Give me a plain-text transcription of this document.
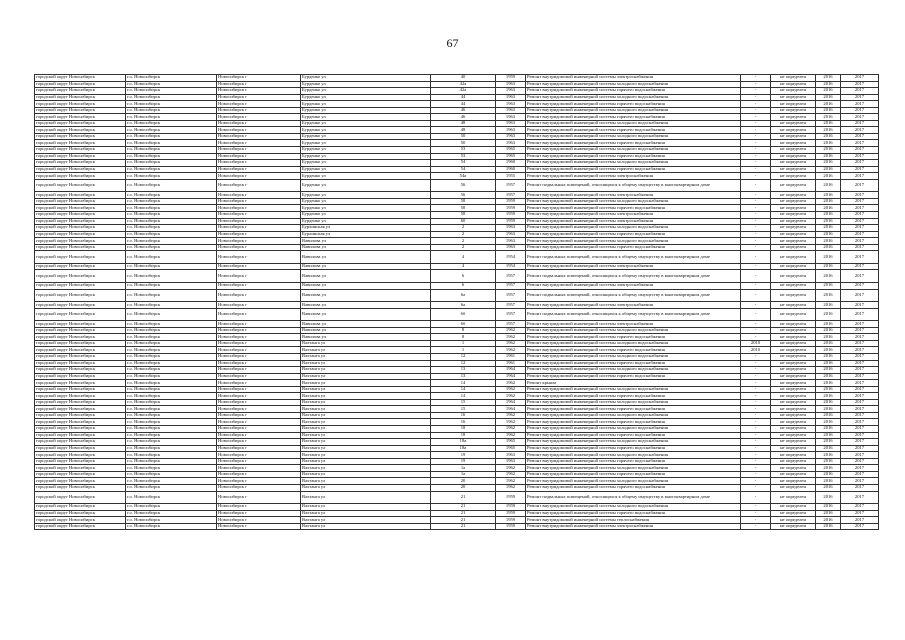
67
городской округ Новосибирск	г.о. Новосибирск	Новосибирск г	Бурденко ул	40	1959	Ремонт внутридомовой инженерной системы электроснабжения	-	не определен	2016	2017
городской округ Новосибирск	г.о. Новосибирск	Новосибирск г	Бурденко ул	42а	1963	Ремонт внутридомовой инженерной системы холодного водоснабжения	-	не определен	2016	2017
городской округ Новосибирск	г.о. Новосибирск	Новосибирск г	Бурденко ул	42а	1963	Ремонт внутридомовой инженерной системы горячего водоснабжения	-	не определен	2016	2017
городской округ Новосибирск	г.о. Новосибирск	Новосибирск г	Бурденко ул	44	1963	Ремонт внутридомовой инженерной системы холодного водоснабжения	-	не определен	2016	2017
городской округ Новосибирск	г.о. Новосибирск	Новосибирск г	Бурденко ул	44	1963	Ремонт внутридомовой инженерной системы горячего водоснабжения	-	не определен	2016	2017
городской округ Новосибирск	г.о. Новосибирск	Новосибирск г	Бурденко ул	46	1963	Ремонт внутридомовой инженерной системы холодного водоснабжения	-	не определен	2016	2017
городской округ Новосибирск	г.о. Новосибирск	Новосибирск г	Бурденко ул	46	1963	Ремонт внутридомовой инженерной системы горячего водоснабжения	-	не определен	2016	2017
городской округ Новосибирск	г.о. Новосибирск	Новосибирск г	Бурденко ул	48	1963	Ремонт внутридомовой инженерной системы холодного водоснабжения	-	не определен	2016	2017
городской округ Новосибирск	г.о. Новосибирск	Новосибирск г	Бурденко ул	48	1963	Ремонт внутридомовой инженерной системы горячего водоснабжения	-	не определен	2016	2017
городской округ Новосибирск	г.о. Новосибирск	Новосибирск г	Бурденко ул	50	1963	Ремонт внутридомовой инженерной системы холодного водоснабжения	-	не определен	2016	2017
городской округ Новосибирск	г.о. Новосибирск	Новосибирск г	Бурденко ул	50	1963	Ремонт внутридомовой инженерной системы горячего водоснабжения	-	не определен	2016	2017
городской округ Новосибирск	г.о. Новосибирск	Новосибирск г	Бурденко ул	53	1965	Ремонт внутридомовой инженерной системы холодного водоснабжения	-	не определен	2016	2017
городской округ Новосибирск	г.о. Новосибирск	Новосибирск г	Бурденко ул	53	1965	Ремонт внутридомовой инженерной системы горячего водоснабжения	-	не определен	2016	2017
городской округ Новосибирск	г.о. Новосибирск	Новосибирск г	Бурденко ул	54	1960	Ремонт внутридомовой инженерной системы холодного водоснабжения	-	не определен	2016	2017
городской округ Новосибирск	г.о. Новосибирск	Новосибирск г	Бурденко ул	54	1960	Ремонт внутридомовой инженерной системы горячего водоснабжения	-	не определен	2016	2017
городской округ Новосибирск	г.о. Новосибирск	Новосибирск г	Бурденко ул	54а	1955	Ремонт внутридомовой инженерной системы электроснабжения	-	не определен	2016	2017
городской округ Новосибирск	г.о. Новосибирск	Новосибирск г	Бурденко ул	56	1957	Ремонт подвальных помещений, относящихся к общему имуществу в многоквартирном доме	-	не определен	2016	2017
городской округ Новосибирск	г.о. Новосибирск	Новосибирск г	Бурденко ул	56	1957	Ремонт внутридомовой инженерной системы электроснабжения	-	не определен	2016	2017
городской округ Новосибирск	г.о. Новосибирск	Новосибирск г	Бурденко ул	58	1959	Ремонт внутридомовой инженерной системы холодного водоснабжения	-	не определен	2016	2017
городской округ Новосибирск	г.о. Новосибирск	Новосибирск г	Бурденко ул	58	1959	Ремонт внутридомовой инженерной системы горячего водоснабжения	-	не определен	2016	2017
городской округ Новосибирск	г.о. Новосибирск	Новосибирск г	Бурденко ул	58	1959	Ремонт внутридомовой инженерной системы электроснабжения	-	не определен	2016	2017
городской округ Новосибирск	г.о. Новосибирск	Новосибирск г	Бурденко ул	60	1959	Ремонт внутридомовой инженерной системы электроснабжения	-	не определен	2016	2017
городской округ Новосибирск	г.о. Новосибирск	Новосибирск г	Бурлинская ул	2	1963	Ремонт внутридомовой инженерной системы холодного водоснабжения	-	не определен	2016	2017
городской округ Новосибирск	г.о. Новосибирск	Новосибирск г	Бурлинская ул	2	1963	Ремонт внутридомовой инженерной системы горячего водоснабжения	-	не определен	2016	2017
городской округ Новосибирск	г.о. Новосибирск	Новосибирск г	Вавилова ул	2	1963	Ремонт внутридомовой инженерной системы холодного водоснабжения	-	не определен	2016	2017
городской округ Новосибирск	г.о. Новосибирск	Новосибирск г	Вавилова ул	2	1963	Ремонт внутридомовой инженерной системы горячего водоснабжения	-	не определен	2016	2017
городской округ Новосибирск	г.о. Новосибирск	Новосибирск г	Вавилова ул	4	1954	Ремонт подвальных помещений, относящихся к общему имуществу в многоквартирном доме	-	не определен	2016	2017
городской округ Новосибирск	г.о. Новосибирск	Новосибирск г	Вавилова ул	4	1954	Ремонт внутридомовой инженерной системы электроснабжения	-	не определен	2016	2017
городской округ Новосибирск	г.о. Новосибирск	Новосибирск г	Вавилова ул	6	1957	Ремонт подвальных помещений, относящихся к общему имуществу в многоквартирном доме	-	не определен	2016	2017
городской округ Новосибирск	г.о. Новосибирск	Новосибирск г	Вавилова ул	6	1957	Ремонт внутридомовой инженерной системы электроснабжения	-	не определен	2016	2017
городской округ Новосибирск	г.о. Новосибирск	Новосибирск г	Вавилова ул	6а	1957	Ремонт подвальных помещений, относящихся к общему имуществу в многоквартирном доме	-	не определен	2016	2017
городской округ Новосибирск	г.о. Новосибирск	Новосибирск г	Вавилова ул	6а	1957	Ремонт внутридомовой инженерной системы электроснабжения	-	не определен	2016	2017
городской округ Новосибирск	г.о. Новосибирск	Новосибирск г	Вавилова ул	6б	1957	Ремонт подвальных помещений, относящихся к общему имуществу в многоквартирном доме	-	не определен	2016	2017
городской округ Новосибирск	г.о. Новосибирск	Новосибирск г	Вавилова ул	6б	1957	Ремонт внутридомовой инженерной системы электроснабжения	-	не определен	2016	2017
городской округ Новосибирск	г.о. Новосибирск	Новосибирск г	Вавилова ул	8	1962	Ремонт внутридомовой инженерной системы холодного водоснабжения	-	не определен	2016	2017
городской округ Новосибирск	г.о. Новосибирск	Новосибирск г	Вавилова ул	8	1962	Ремонт внутридомовой инженерной системы горячего водоснабжения	-	не определен	2016	2017
городской округ Новосибирск	г.о. Новосибирск	Новосибирск г	Вахтанга ул	1	1962	Ремонт внутридомовой инженерной системы холодного водоснабжения	2010	не определен	2016	2017
городской округ Новосибирск	г.о. Новосибирск	Новосибирск г	Вахтанга ул	1	1962	Ремонт внутридомовой инженерной системы горячего водоснабжения	2010	не определен	2016	2017
городской округ Новосибирск	г.о. Новосибирск	Новосибирск г	Вахтанга ул	12	1961	Ремонт внутридомовой инженерной системы холодного водоснабжения	-	не определен	2016	2017
городской округ Новосибирск	г.о. Новосибирск	Новосибирск г	Вахтанга ул	12	1961	Ремонт внутридомовой инженерной системы горячего водоснабжения	-	не определен	2016	2017
городской округ Новосибирск	г.о. Новосибирск	Новосибирск г	Вахтанга ул	13	1964	Ремонт внутридомовой инженерной системы холодного водоснабжения	-	не определен	2016	2017
городской округ Новосибирск	г.о. Новосибирск	Новосибирск г	Вахтанга ул	13	1964	Ремонт внутридомовой инженерной системы горячего водоснабжения	-	не определен	2016	2017
городской округ Новосибирск	г.о. Новосибирск	Новосибирск г	Вахтанга ул	14	1962	Ремонт крыши	-	не определен	2016	2017
городской округ Новосибирск	г.о. Новосибирск	Новосибирск г	Вахтанга ул	14	1962	Ремонт внутридомовой инженерной системы холодного водоснабжения	-	не определен	2016	2017
городской округ Новосибирск	г.о. Новосибирск	Новосибирск г	Вахтанга ул	14	1962	Ремонт внутридомовой инженерной системы горячего водоснабжения	-	не определен	2016	2017
городской округ Новосибирск	г.о. Новосибирск	Новосибирск г	Вахтанга ул	15	1964	Ремонт внутридомовой инженерной системы холодного водоснабжения	-	не определен	2016	2017
городской округ Новосибирск	г.о. Новосибирск	Новосибирск г	Вахтанга ул	15	1964	Ремонт внутридомовой инженерной системы горячего водоснабжения	-	не определен	2016	2017
городской округ Новосибирск	г.о. Новосибирск	Новосибирск г	Вахтанга ул	16	1962	Ремонт внутридомовой инженерной системы холодного водоснабжения	-	не определен	2016	2017
городской округ Новосибирск	г.о. Новосибирск	Новосибирск г	Вахтанга ул	16	1962	Ремонт внутридомовой инженерной системы горячего водоснабжения	-	не определен	2016	2017
городской округ Новосибирск	г.о. Новосибирск	Новосибирск г	Вахтанга ул	18	1962	Ремонт внутридомовой инженерной системы холодного водоснабжения	-	не определен	2016	2017
городской округ Новосибирск	г.о. Новосибирск	Новосибирск г	Вахтанга ул	18	1962	Ремонт внутридомовой инженерной системы горячего водоснабжения	-	не определен	2016	2017
городской округ Новосибирск	г.о. Новосибирск	Новосибирск г	Вахтанга ул	18а	1965	Ремонт внутридомовой инженерной системы холодного водоснабжения	-	не определен	2016	2017
городской округ Новосибирск	г.о. Новосибирск	Новосибирск г	Вахтанга ул	18а	1965	Ремонт внутридомовой инженерной системы горячего водоснабжения	-	не определен	2016	2017
городской округ Новосибирск	г.о. Новосибирск	Новосибирск г	Вахтанга ул	19	1963	Ремонт внутридомовой инженерной системы холодного водоснабжения	-	не определен	2016	2017
городской округ Новосибирск	г.о. Новосибирск	Новосибирск г	Вахтанга ул	19	1963	Ремонт внутридомовой инженерной системы горячего водоснабжения	-	не определен	2016	2017
городской округ Новосибирск	г.о. Новосибирск	Новосибирск г	Вахтанга ул	1а	1962	Ремонт внутридомовой инженерной системы холодного водоснабжения	-	не определен	2016	2017
городской округ Новосибирск	г.о. Новосибирск	Новосибирск г	Вахтанга ул	1а	1962	Ремонт внутридомовой инженерной системы горячего водоснабжения	-	не определен	2016	2017
городской округ Новосибирск	г.о. Новосибирск	Новосибирск г	Вахтанга ул	20	1962	Ремонт внутридомовой инженерной системы холодного водоснабжения	-	не определен	2016	2017
городской округ Новосибирск	г.о. Новосибирск	Новосибирск г	Вахтанга ул	20	1962	Ремонт внутридомовой инженерной системы горячего водоснабжения	-	не определен	2016	2017
городской округ Новосибирск	г.о. Новосибирск	Новосибирск г	Вахтанга ул	21	1959	Ремонт подвальных помещений, относящихся к общему имуществу в многоквартирном доме	-	не определен	2016	2017
городской округ Новосибирск	г.о. Новосибирск	Новосибирск г	Вахтанга ул	21	1959	Ремонт внутридомовой инженерной системы холодного водоснабжения	-	не определен	2016	2017
городской округ Новосибирск	г.о. Новосибирск	Новосибирск г	Вахтанга ул	21	1959	Ремонт внутридомовой инженерной системы горячего водоснабжения	-	не определен	2016	2017
городской округ Новосибирск	г.о. Новосибирск	Новосибирск г	Вахтанга ул	21	1959	Ремонт внутридомовой инженерной системы теплоснабжения	-	не определен	2016	2017
городской округ Новосибирск	г.о. Новосибирск	Новосибирск г	Вахтанга ул	21	1959	Ремонт внутридомовой инженерной системы электроснабжения	-	не определен	2016	2017
